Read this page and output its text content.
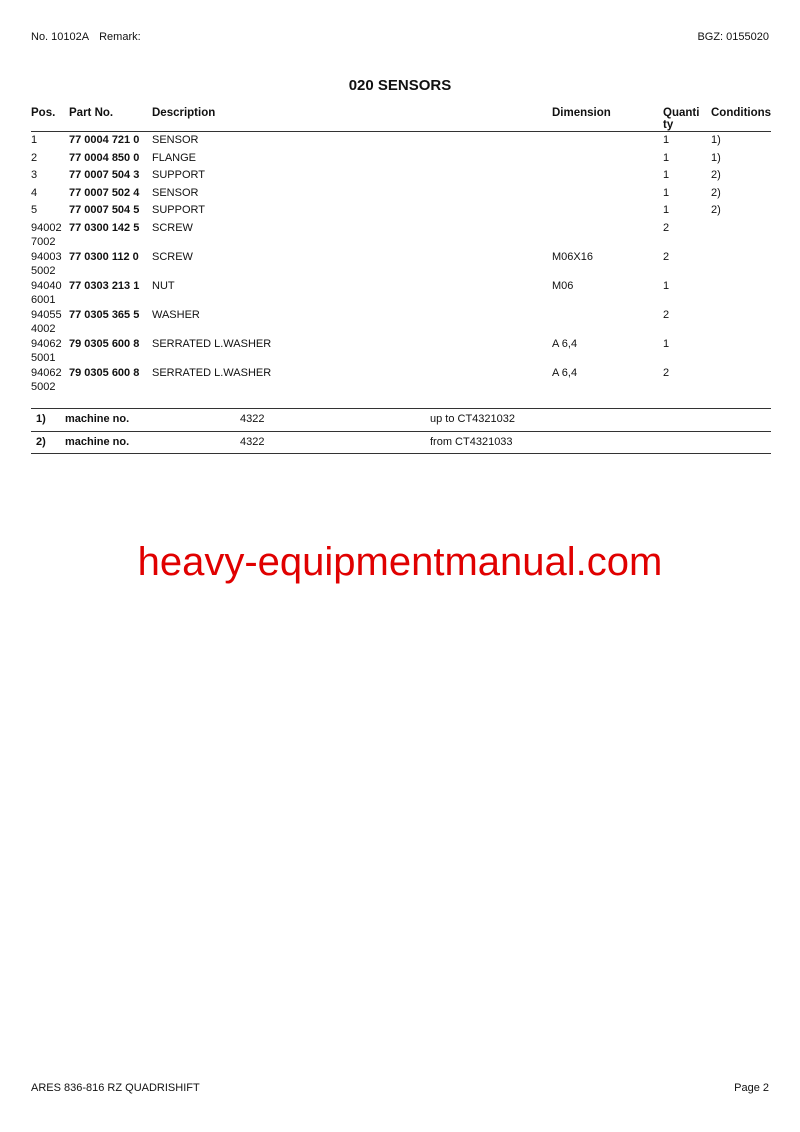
No. 10102A Remark:	BGZ: 0155020
020 SENSORS
Pos.	Part No.	Description	Dimension	Quanti
ty
Conditions
1	77 0004 721 0 SENSOR	1	1)
2	77 0004 850 0 FLANGE	1	1)
3	77 0007 504 3 SUPPORT	1	2)
4	77 0007 502 4 SENSOR	1	2)
5	77 0007 504 5 SUPPORT	1	2)
94002
7002
77 0300 142 5 SCREW	2
94003
5002
77 0300 112 0 SCREW	M06X16	2
94040
6001
77 0303 213 1 NUT	M06	1
94055
4002
77 0305 365 5 WASHER	2
94062
5001
79 0305 600 8 SERRATED L.WASHER	A 6,4	1
94062
5002
79 0305 600 8 SERRATED L.WASHER	A 6,4	2
1) machine no.	4322	up to CT4321032
2) machine no.	4322	from CT4321033
heavy-equipmentmanual.com
ARES 836-816 RZ QUADRISHIFT	Page 2
